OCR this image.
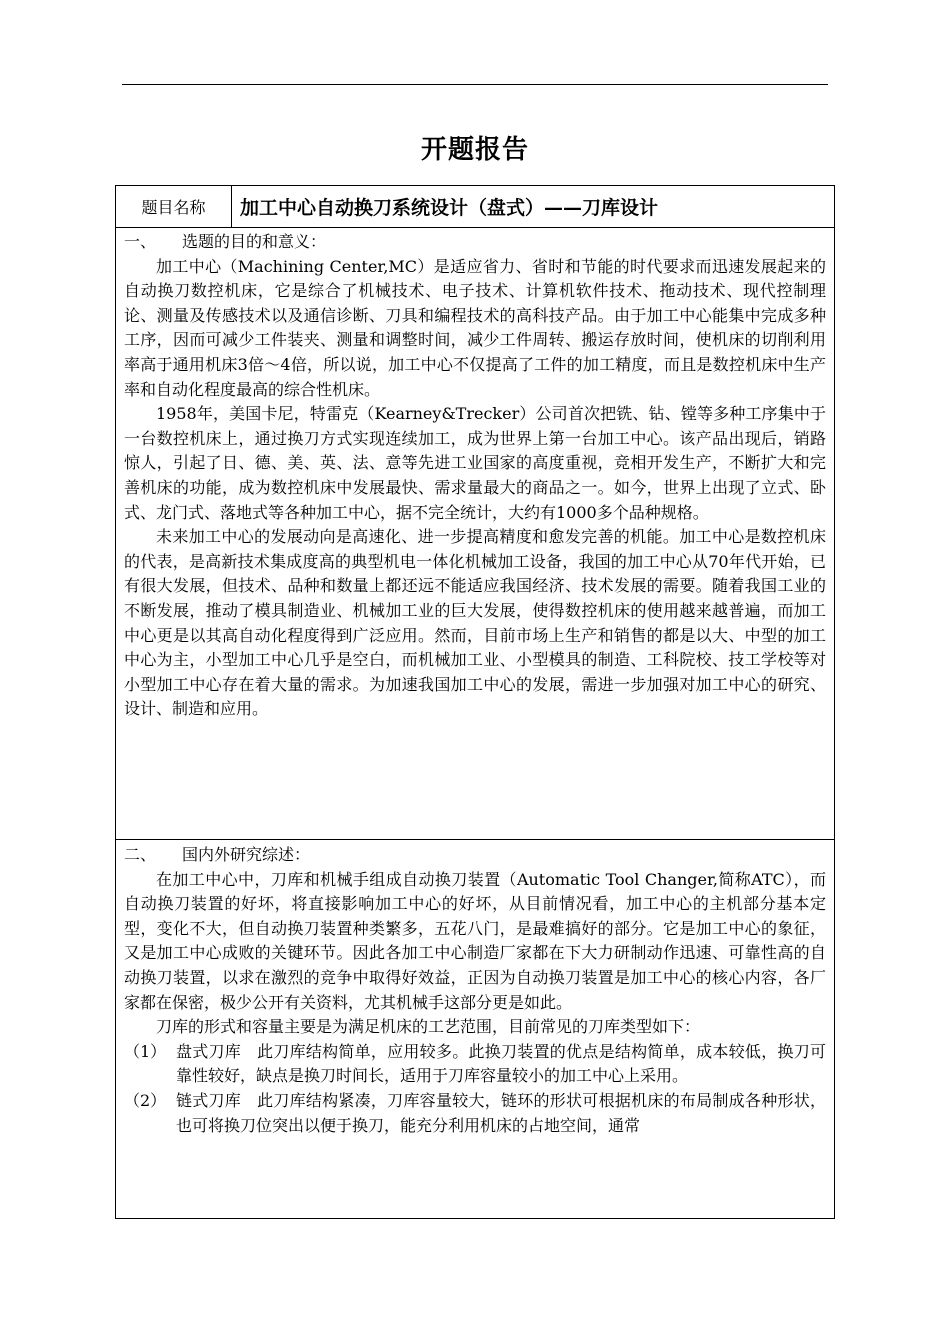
开题报告
题目名称	加工中心自动换刀系统设计（盘式）——刀库设计
一、 选题的目的和意义：

加工中心（Machining Center,MC）是适应省力、省时和节能的时代要求而迅速发展起来的自动换刀数控机床，它是综合了机械技术、电子技术、计算机软件技术、拖动技术、现代控制理论、测量及传感技术以及通信诊断、刀具和编程技术的高科技产品。由于加工中心能集中完成多种工序，因而可减少工件装夹、测量和调整时间，减少工件周转、搬运存放时间，使机床的切削利用率高于通用机床3倍～4倍，所以说，加工中心不仅提高了工件的加工精度，而且是数控机床中生产率和自动化程度最高的综合性机床。

1958年，美国卡尼，特雷克（Kearney&Trecker）公司首次把铣、钻、镗等多种工序集中于一台数控机床上，通过换刀方式实现连续加工，成为世界上第一台加工中心。该产品出现后，销路惊人，引起了日、德、美、英、法、意等先进工业国家的高度重视，竞相开发生产，不断扩大和完善机床的功能，成为数控机床中发展最快、需求量最大的商品之一。如今，世界上出现了立式、卧式、龙门式、落地式等各种加工中心，据不完全统计，大约有1000多个品种规格。

未来加工中心的发展动向是高速化、进一步提高精度和愈发完善的机能。加工中心是数控机床的代表，是高新技术集成度高的典型机电一体化机械加工设备，我国的加工中心从70年代开始，已有很大发展，但技术、品种和数量上都还远不能适应我国经济、技术发展的需要。随着我国工业的不断发展，推动了模具制造业、机械加工业的巨大发展，使得数控机床的使用越来越普遍，而加工中心更是以其高自动化程度得到广泛应用。然而，目前市场上生产和销售的都是以大、中型的加工中心为主，小型加工中心几乎是空白，而机械加工业、小型模具的制造、工科院校、技工学校等对小型加工中心存在着大量的需求。为加速我国加工中心的发展，需进一步加强对加工中心的研究、设计、制造和应用。

二、 国内外研究综述：

在加工中心中，刀库和机械手组成自动换刀装置（Automatic Tool Changer,简称ATC），而自动换刀装置的好坏，将直接影响加工中心的好坏，从目前情况看，加工中心的主机部分基本定型，变化不大，但自动换刀装置种类繁多，五花八门，是最难搞好的部分。它是加工中心的象征，又是加工中心成败的关键环节。因此各加工中心制造厂家都在下大力研制动作迅速、可靠性高的自动换刀装置，以求在激烈的竞争中取得好效益，正因为自动换刀装置是加工中心的核心内容，各厂家都在保密，极少公开有关资料，尤其机械手这部分更是如此。

刀库的形式和容量主要是为满足机床的工艺范围，目前常见的刀库类型如下：

（1） 盘式刀库 此刀库结构简单，应用较多。此换刀装置的优点是结构简单，成本较低，换刀可靠性较好，缺点是换刀时间长，适用于刀库容量较小的加工中心上采用。
（2） 链式刀库 此刀库结构紧凑，刀库容量较大，链环的形状可根据机床的布局制成各种形状，也可将换刀位突出以便于换刀，能充分利用机床的占地空间，通常
